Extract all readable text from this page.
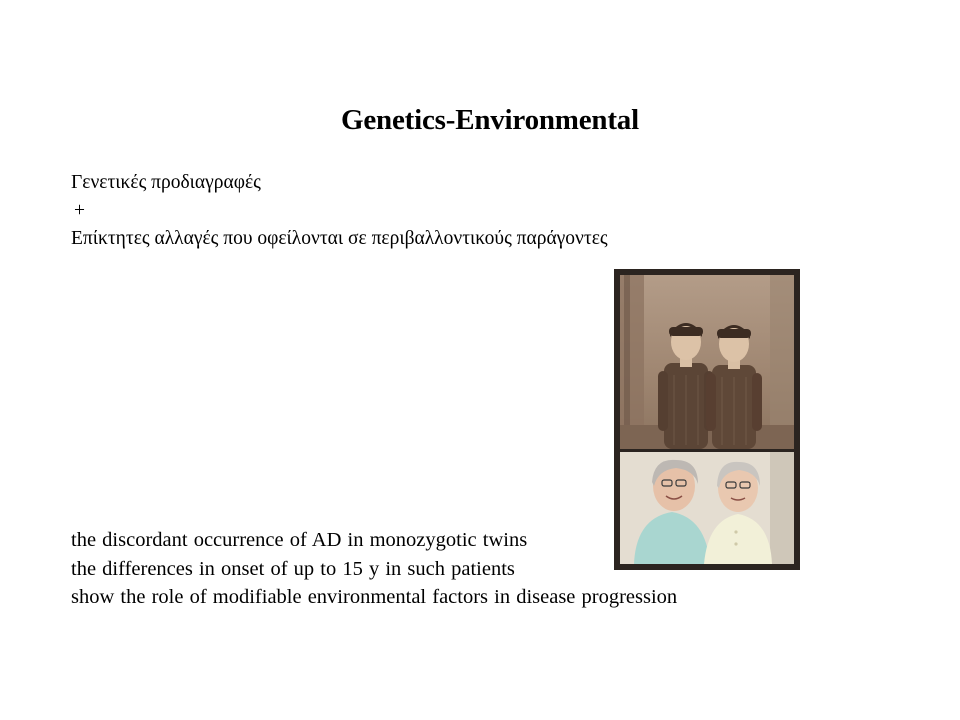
Genetics-Environmental
Γενετικές προδιαγραφές
+
Επίκτητες αλλαγές που οφείλονται σε περιβαλλοντικούς παράγοντες
the discordant occurrence of AD in monozygotic twins
the differences in onset of up to 15 y in such patients
show the role of modifiable environmental factors in disease progression
